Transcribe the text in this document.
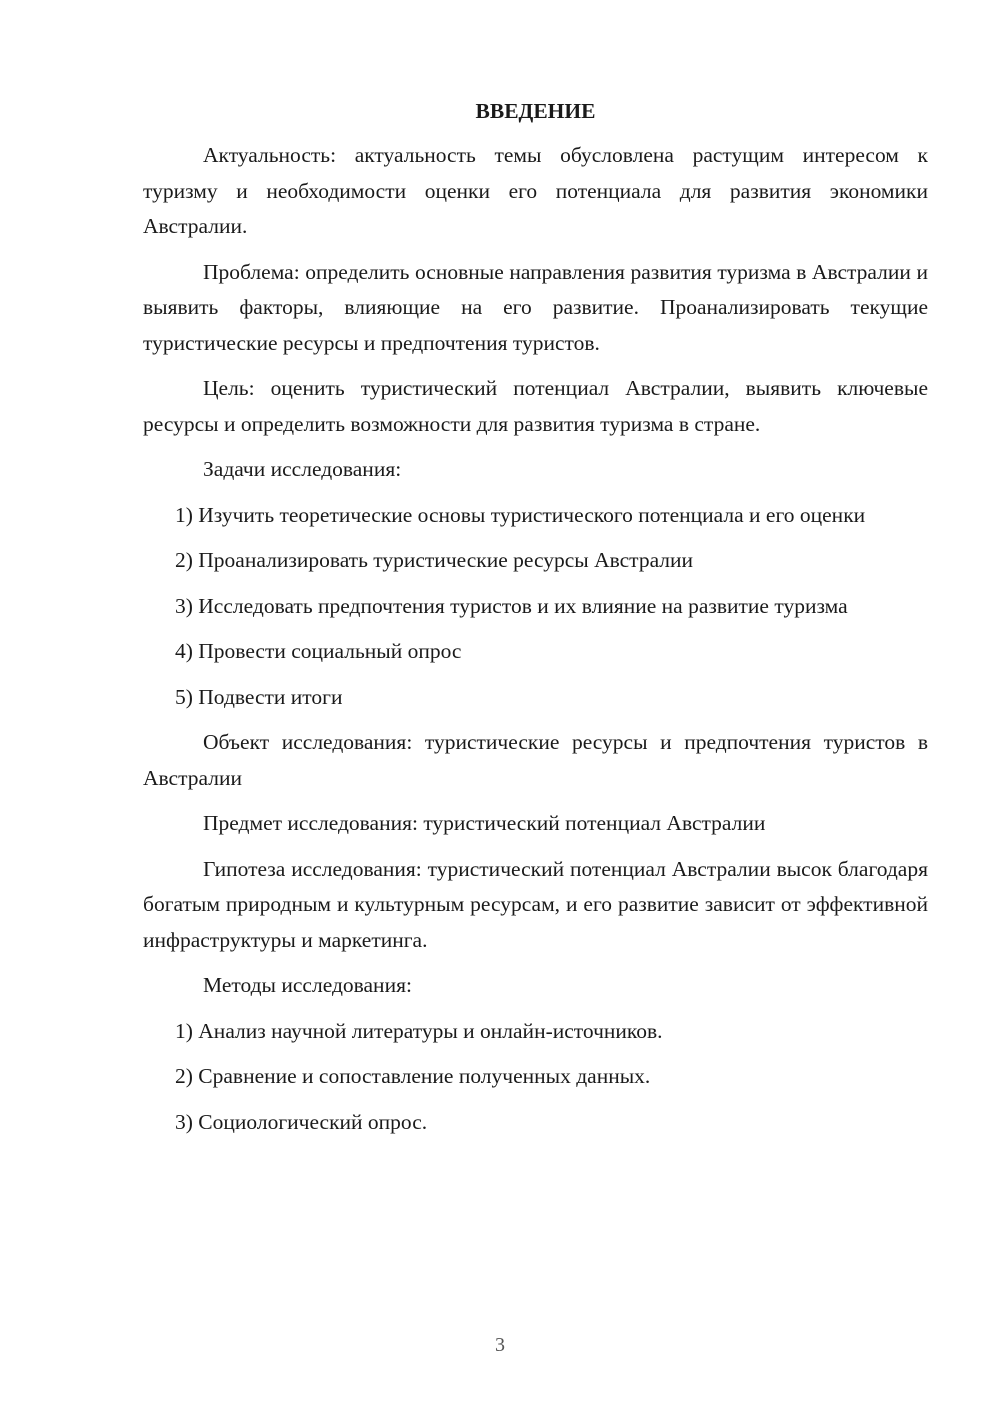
ВВЕДЕНИЕ

Актуальность: актуальность темы обусловлена растущим интересом к туризму и необходимости оценки его потенциала для развития экономики Австралии.

Проблема: определить основные направления развития туризма в Австралии и выявить факторы, влияющие на его развитие. Проанализировать текущие туристические ресурсы и предпочтения туристов.

Цель: оценить туристический потенциал Австралии, выявить ключевые ресурсы и определить возможности для развития туризма в стране.

Задачи исследования:

1) Изучить теоретические основы туристического потенциала и его оценки

2) Проанализировать туристические ресурсы Австралии

3) Исследовать предпочтения туристов и их влияние на развитие туризма

4) Провести социальный опрос

5) Подвести итоги

Объект исследования: туристические ресурсы и предпочтения туристов в Австралии

Предмет исследования: туристический потенциал Австралии

Гипотеза исследования: туристический потенциал Австралии высок благодаря богатым природным и культурным ресурсам, и его развитие зависит от эффективной инфраструктуры и маркетинга.

Методы исследования:

1) Анализ научной литературы и онлайн-источников.

2) Сравнение и сопоставление полученных данных.

3) Социологический опрос.

3
